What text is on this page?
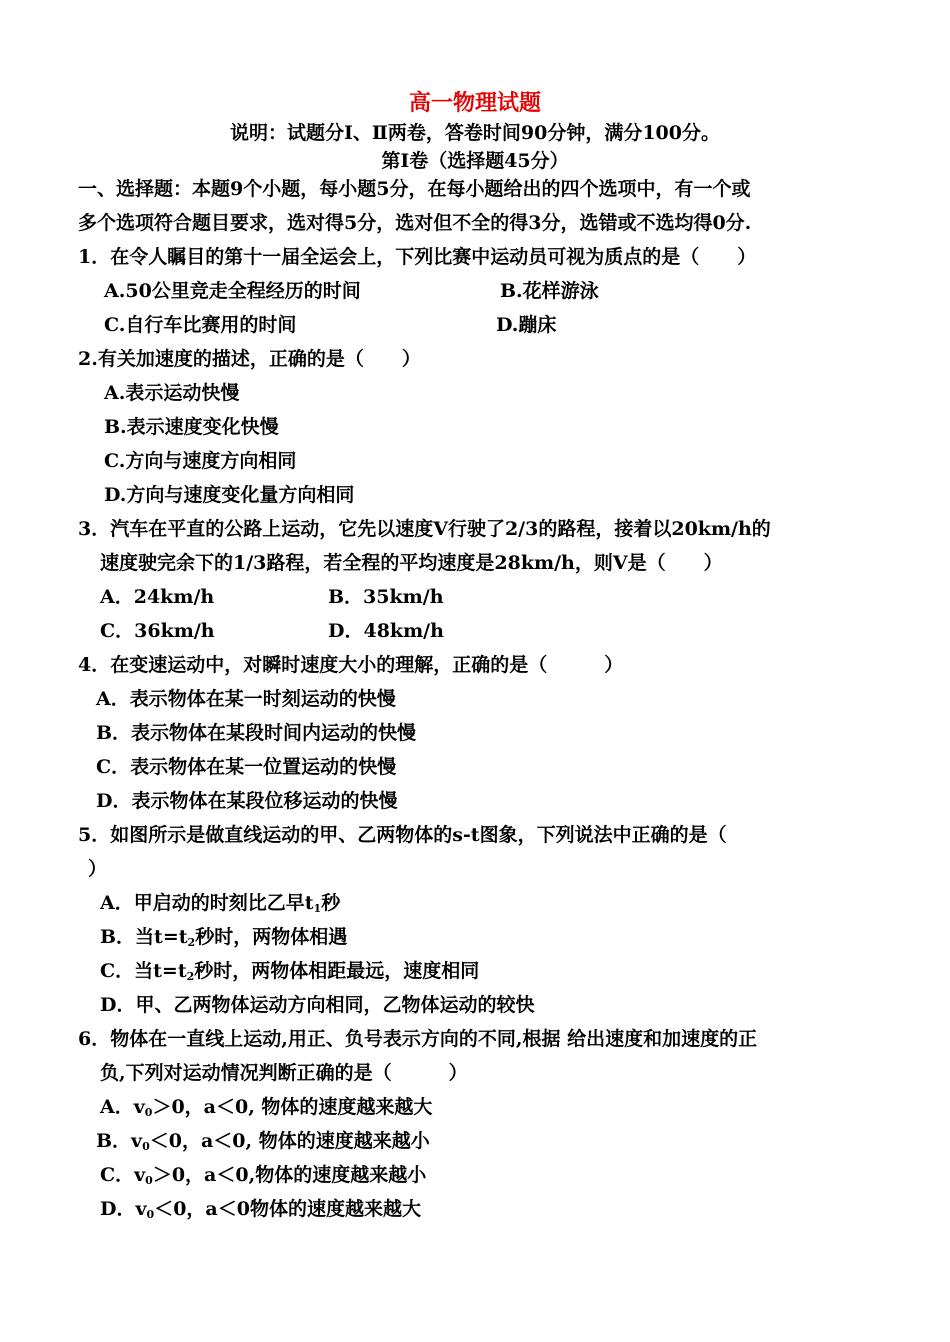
高一物理试题
说明：试题分Ⅰ、Ⅱ两卷，答卷时间90分钟，满分100分。
第Ⅰ卷（选择题45分）
一、选择题：本题9个小题，每小题5分，在每小题给出的四个选项中，有一个或
多个选项符合题目要求，选对得5分，选对但不全的得3分，选错或不选均得0分.
1．在令人瞩目的第十一届全运会上，下列比赛中运动员可视为质点的是（　　）
A.50公里竞走全程经历的时间	B.花样游泳
C.自行车比赛用的时间	D.蹦床
2.有关加速度的描述，正确的是（　　）
A.表示运动快慢
B.表示速度变化快慢
C.方向与速度方向相同
D.方向与速度变化量方向相同
3．汽车在平直的公路上运动，它先以速度V行驶了2/3的路程，接着以20km/h的
速度驶完余下的1/3路程，若全程的平均速度是28km/h，则V是（　　）
A．24km/h	B．35km/h
C．36km/h	D．48km/h
4．在变速运动中，对瞬时速度大小的理解，正确的是（　　　）
A．表示物体在某一时刻运动的快慢
B．表示物体在某段时间内运动的快慢
C．表示物体在某一位置运动的快慢
D．表示物体在某段位移运动的快慢
5．如图所示是做直线运动的甲、乙两物体的s-t图象，下列说法中正确的是（
）
A．甲启动的时刻比乙早$t_1$秒
B．当$t=t_2$秒时，两物体相遇
C．当$t=t_2$秒时，两物体相距最远，速度相同
D．甲、乙两物体运动方向相同，乙物体运动的较快
6．物体在一直线上运动,用正、负号表示方向的不同,根据 给出速度和加速度的正
负,下列对运动情况判断正确的是（　　　）
A．$v_0>0$，a＜0, 物体的速度越来越大
B．$v_0<0$，a＜0, 物体的速度越来越小
C．$v_0>0$，a＜0,物体的速度越来越小
D．$v_0<0$，a＜0物体的速度越来越大
